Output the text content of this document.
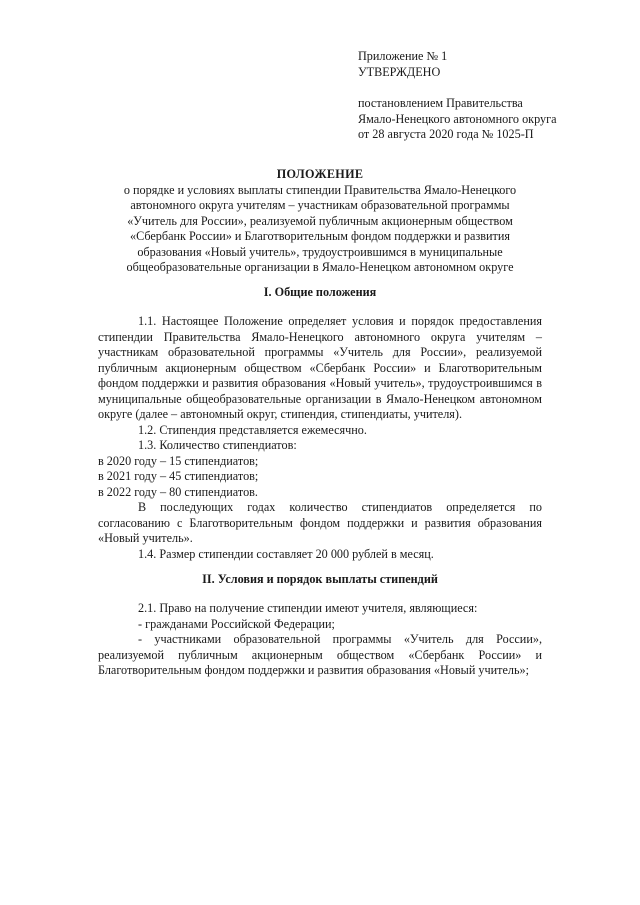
Приложение № 1
УТВЕРЖДЕНО
постановлением Правительства
Ямало-Ненецкого автономного округа
от 28 августа 2020 года № 1025-П
ПОЛОЖЕНИЕ
о порядке и условиях выплаты стипендии Правительства Ямало-Ненецкого
автономного округа учителям – участникам образовательной программы
«Учитель для России», реализуемой публичным акционерным обществом
«Сбербанк России» и Благотворительным фондом поддержки и развития
образования «Новый учитель», трудоустроившимся в муниципальные
общеобразовательные организации в Ямало-Ненецком автономном округе
I. Общие положения

1.1. Настоящее Положение определяет условия и порядок предоставления стипендии Правительства Ямало-Ненецкого автономного округа учителям – участникам образовательной программы «Учитель для России», реализуемой публичным акционерным обществом «Сбербанк России» и Благотворительным фондом поддержки и развития образования «Новый учитель», трудоустроившимся в муниципальные общеобразовательные организации в Ямало-Ненецком автономном округе (далее – автономный округ, стипендия, стипендиаты, учителя).

1.2. Стипендия представляется ежемесячно.

1.3. Количество стипендиатов:

в 2020 году – 15 стипендиатов;

в 2021 году – 45 стипендиатов;

в 2022 году – 80 стипендиатов.

В последующих годах количество стипендиатов определяется по согласованию с Благотворительным фондом поддержки и развития образования «Новый учитель».

1.4. Размер стипендии составляет 20 000 рублей в месяц.

II. Условия и порядок выплаты стипендий

2.1. Право на получение стипендии имеют учителя, являющиеся:

- гражданами Российской Федерации;

- участниками образовательной программы «Учитель для России», реализуемой публичным акционерным обществом «Сбербанк России» и Благотворительным фондом поддержки и развития образования «Новый учитель»;
